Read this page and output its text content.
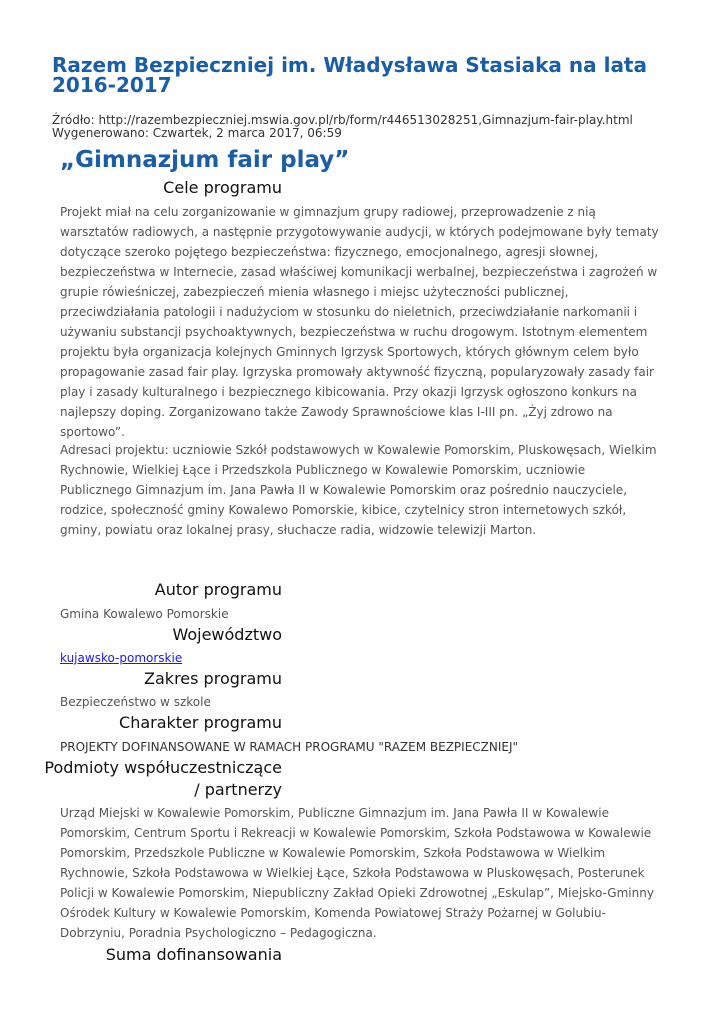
Razem Bezpieczniej im. Władysława Stasiaka na lata 2016-2017
Źródło: http://razembezpieczniej.mswia.gov.pl/rb/form/r446513028251,Gimnazjum-fair-play.html
Wygenerowano: Czwartek, 2 marca 2017, 06:59
„Gimnazjum fair play”
Cele programu

Projekt miał na celu zorganizowanie w gimnazjum grupy radiowej, przeprowadzenie z nią warsztatów radiowych, a następnie przygotowywanie audycji, w których podejmowane były tematy dotyczące szeroko pojętego bezpieczeństwa: fizycznego, emocjonalnego, agresji słownej, bezpieczeństwa w Internecie, zasad właściwej komunikacji werbalnej, bezpieczeństwa i zagrożeń w grupie rówieśniczej, zabezpieczeń mienia własnego i miejsc użyteczności publicznej, przeciwdziałania patologii i nadużyciom w stosunku do nieletnich, przeciwdziałanie narkomanii i używaniu substancji psychoaktywnych, bezpieczeństwa w ruchu drogowym. Istotnym elementem projektu była organizacja kolejnych Gminnych Igrzysk Sportowych, których głównym celem było propagowanie zasad fair play. Igrzyska promowały aktywność fizyczną, popularyzowały zasady fair play i zasady kulturalnego i bezpiecznego kibicowania. Przy okazji Igrzysk ogłoszono konkurs na najlepszy doping. Zorganizowano także Zawody Sprawnościowe klas I-III pn. „Żyj zdrowo na sportowo”.

Adresaci projektu: uczniowie Szkół podstawowych w Kowalewie Pomorskim, Pluskowęsach, Wielkim Rychnowie, Wielkiej Łące i Przedszkola Publicznego w Kowalewie Pomorskim, uczniowie Publicznego Gimnazjum im. Jana Pawła II w Kowalewie Pomorskim oraz pośrednio nauczyciele, rodzice, społeczność gminy Kowalewo Pomorskie, kibice, czytelnicy stron internetowych szkół, gminy, powiatu oraz lokalnej prasy, słuchacze radia, widzowie telewizji Marton.

Autor programu
Gmina Kowalewo Pomorskie
Województwo
kujawsko-pomorskie
Zakres programu
Bezpieczeństwo w szkole
Charakter programu
PROJEKTY DOFINANSOWANE W RAMACH PROGRAMU "RAZEM BEZPIECZNIEJ"
Podmioty współuczestniczące
/ partnerzy

Urząd Miejski w Kowalewie Pomorskim, Publiczne Gimnazjum im. Jana Pawła II w Kowalewie Pomorskim, Centrum Sportu i Rekreacji w Kowalewie Pomorskim, Szkoła Podstawowa w Kowalewie Pomorskim, Przedszkole Publiczne w Kowalewie Pomorskim, Szkoła Podstawowa w Wielkim Rychnowie, Szkoła Podstawowa w Wielkiej Łące, Szkoła Podstawowa w Pluskowęsach, Posterunek Policji w Kowalewie Pomorskim, Niepubliczny Zakład Opieki Zdrowotnej „Eskulap”, Miejsko-Gminny Ośrodek Kultury w Kowalewie Pomorskim, Komenda Powiatowej Straży Pożarnej w Golubiu- Dobrzyniu, Poradnia Psychologiczno – Pedagogiczna.

Suma dofinansowania
